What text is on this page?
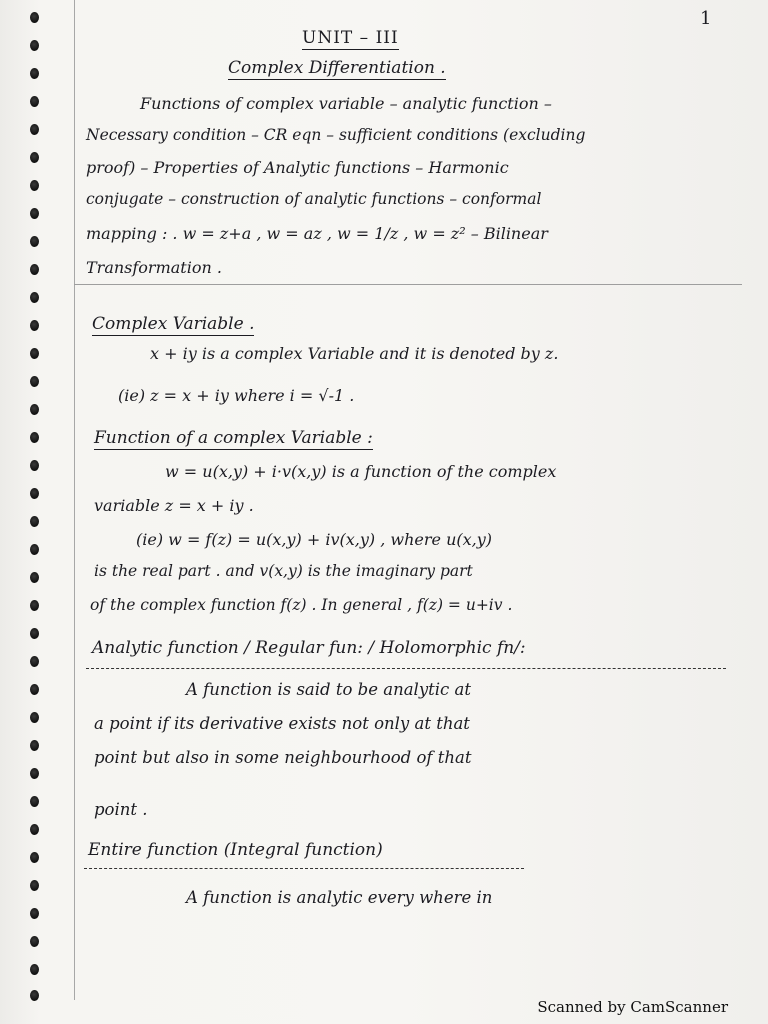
1
UNIT – III
Complex Differentiation .
Functions of complex variable – analytic function –
Necessary condition – CR eqn – sufficient conditions (excluding
proof) – Properties of Analytic functions – Harmonic
conjugate – construction of analytic functions – conformal
mapping : . w = z+a , w = az , w = 1/z , w = z² – Bilinear
Transformation .
Complex Variable .
x + iy is a complex Variable and it is denoted by z.
(ie) z = x + iy where i = √-1 .
Function of a complex Variable :
w = u(x,y) + i·v(x,y) is a function of the complex
variable z = x + iy .
(ie) w = f(z) = u(x,y) + iv(x,y) , where u(x,y)
is the real part . and v(x,y) is the imaginary part
of the complex function f(z) . In general , f(z) = u+iv .
Analytic function / Regular fun: / Holomorphic fn/:
A function is said to be analytic at
a point if its derivative exists not only at that
point but also in some neighbourhood of that
point .
Entire function (Integral function)
A function is analytic every where in
Scanned by CamScanner
